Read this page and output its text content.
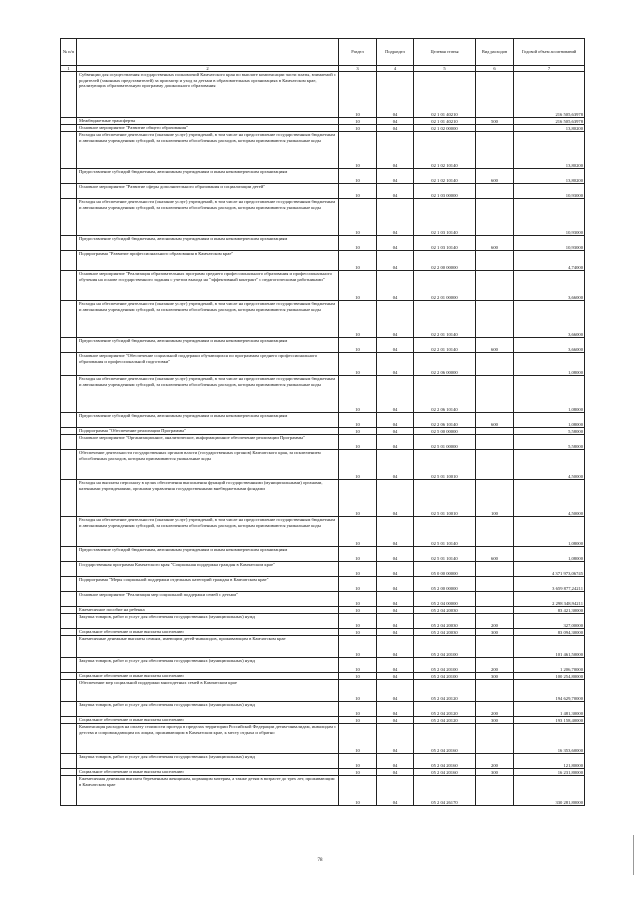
№ п/п		Раздел	Подраздел	Целевая статья	Вид расходов	Годовой объем ассигнований
1	2	3	4	5	6	7
	Субвенции для осуществления государственных полномочий Камчатского края по выплате компенсации части платы, взимаемой с родителей (законных представителей) за присмотр и уход за детьми в образовательных организациях в Камчатском крае, реализующих образовательную программу дошкольного образования	10	04	02 1 01 40210		216 505,63978
	Межбюджетные трансферты	10	04	02 1 01 40210	500	216 505,63978
	Основное мероприятие "Развитие общего образования"	10	04	02 1 02 00000		13,80200
	Расходы на обеспечение деятельности (оказание услуг) учреждений, в том числе на предоставление государственным бюджетным и автономным учреждениям субсидий, за исключением обособленных расходов, которым присваиваются уникальные коды	10	04	02 1 02 10140		13,80200
	Предоставление субсидий бюджетным, автономным учреждениям и иным некоммерческим организациям	10	04	02 1 02 10140	600	13,80200
	Основное мероприятие "Развитие сферы дополнительного образования и социализации детей"	10	04	02 1 03 00000		10,93000
	Расходы на обеспечение деятельности (оказание услуг) учреждений, в том числе на предоставление государственным бюджетным и автономным учреждениям субсидий, за исключением обособленных расходов, которым присваиваются уникальные коды	10	04	02 1 03 10140		10,93000
	Предоставление субсидий бюджетным, автономным учреждениям и иным некоммерческим организациям	10	04	02 1 03 10140	600	10,93000
	Подпрограмма "Развитие профессионального образования в Камчатском крае"	10	04	02 2 00 00000		4,74000
	Основное мероприятие "Реализация образовательных программ среднего профессионального образования и профессионального обучения на основе государственного задания с учетом выхода на "эффективный контракт" с педагогическими работниками"	10	04	02 2 01 00000		3,66000
	Расходы на обеспечение деятельности (оказание услуг) учреждений, в том числе на предоставление государственным бюджетным и автономным учреждениям субсидий, за исключением обособленных расходов, которым присваиваются уникальные коды	10	04	02 2 01 10140		3,66000
	Предоставление субсидий бюджетным, автономным учреждениям и иным некоммерческим организациям	10	04	02 2 01 10140	600	3,66000
	Основное мероприятие "Обеспечение социальной поддержки обучающихся по программам среднего профессионального образования и профессиональной подготовки"	10	04	02 2 06 00000		1,08000
	Расходы на обеспечение деятельности (оказание услуг) учреждений, в том числе на предоставление государственным бюджетным и автономным учреждениям субсидий, за исключением обособленных расходов, которым присваиваются уникальные коды	10	04	02 2 06 10140		1,08000
	Предоставление субсидий бюджетным, автономным учреждениям и иным некоммерческим организациям	10	04	02 2 06 10140	600	1,08000
	Подпрограмма "Обеспечение реализации Программы"	10	04	02 5 00 00000		5,58000
	Основное мероприятие "Организационное, аналитическое, информационное обеспечение реализации Программы"	10	04	02 5 01 00000		5,58000
	Обеспечение деятельности государственных органов власти (государственных органов) Камчатского края, за исключением обособленных расходов, которым присваиваются уникальные коды	10	04	02 5 01 10010		4,50000
	Расходы на выплаты персоналу в целях обеспечения выполнения функций государственными (муниципальными) органами, казенными учреждениями, органами управления государственными внебюджетными фондами	10	04	02 5 01 10010	100	4,50000
	Расходы на обеспечение деятельности (оказание услуг) учреждений, в том числе на предоставление государственным бюджетным и автономным учреждениям субсидий, за исключением обособленных расходов, которым присваиваются уникальные коды	10	04	02 5 01 10140		1,08000
	Предоставление субсидий бюджетным, автономным учреждениям и иным некоммерческим организациям	10	04	02 5 01 10140	600	1,08000
	Государственная программа Камчатского края "Социальная поддержка граждан в Камчатском крае"	10	04	05 0 00 00000		4 371 973,06745
	Подпрограмма "Меры социальной поддержки отдельных категорий граждан в Камчатском крае"	10	04	05 2 00 00000		3 659 877,24211
	Основное мероприятие "Реализация мер социальной поддержки семей с детьми"	10	04	05 2 04 00000		2 298 348,94211
	Ежемесячное пособие на ребенка	10	04	05 2 04 20030		83 421,30000
	Закупка товаров, работ и услуг для обеспечения государственных (муниципальных) нужд	10	04	05 2 04 20030	200	327,00000
	Социальное обеспечение и иные выплаты населению	10	04	05 2 04 20030	300	83 094,30000
	Ежемесячные денежные выплаты семьям, имеющим детей-инвалидов, проживающим в Камчатском крае	10	04	05 2 04 20100		101 461,50000
	Закупка товаров, работ и услуг для обеспечения государственных (муниципальных) нужд	10	04	05 2 04 20100	200	1 206,70000
	Социальное обеспечение и иные выплаты населению	10	04	05 2 04 20100	300	100 254,80000
	Обеспечение мер социальной поддержки многодетных семей в Камчатском крае	10	04	05 2 04 20120		194 629,70000
	Закупка товаров, работ и услуг для обеспечения государственных (муниципальных) нужд	10	04	05 2 04 20120	200	1 481,30000
	Социальное обеспечение и иные выплаты населению	10	04	05 2 04 20120	300	193 158,40000
	Компенсация расходов на оплату стоимости проезда в пределах территории Российской Федерации детям-инвалидам, инвалидам с детства и сопровождающим их лицам, проживающим в Камчатском крае, к месту отдыха и обратно	10	04	05 2 04 20160		16 353,60000
	Закупка товаров, работ и услуг для обеспечения государственных (муниципальных) нужд	10	04	05 2 04 20160	200	121,80000
	Социальное обеспечение и иные выплаты населению	10	04	05 2 04 20160	300	16 231,80000
	Ежемесячная денежная выплата беременным женщинам, кормящим матерям, а также детям в возрасте до трех лет, проживающим в Камчатском крае	10	04	05 2 04 26170		330 281,80000
78
